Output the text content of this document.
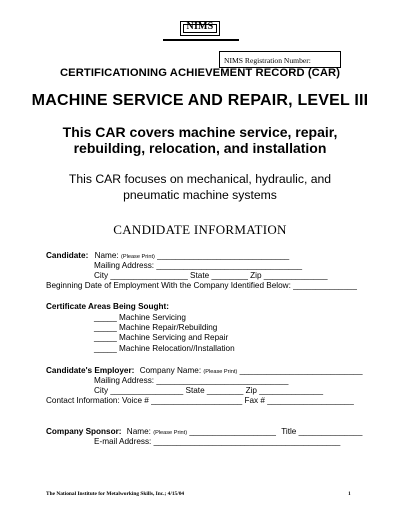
NIMS
NIMS Registration Number:
CERTIFICATIONING ACHIEVEMENT RECORD (CAR)
MACHINE SERVICE AND REPAIR, LEVEL III
This CAR covers machine service, repair,
rebuilding, relocation, and installation
This CAR focuses on mechanical, hydraulic, and
pneumatic machine systems
CANDIDATE INFORMATION
Candidate: Name: (Please Print) _____________________________
Mailing Address: ________________________________
City _________________ State ________ Zip ______________
Beginning Date of Employment With the Company Identified Below: ______________
Certificate Areas Being Sought:
_____ Machine Servicing
_____ Machine Repair/Rebuilding
_____ Machine Servicing and Repair
_____ Machine Relocation//Installation
Candidate's Employer: Company Name: (Please Print) ___________________________
Mailing Address: _____________________________
City ________________ State ________ Zip ______________
Contact Information: Voice # ____________________ Fax # ___________________
Company Sponsor: Name: (Please Print) ___________________ Title ______________
E-mail Address: _________________________________________
The National Institute for Metalworking Skills, Inc.; 4/15/04	1
